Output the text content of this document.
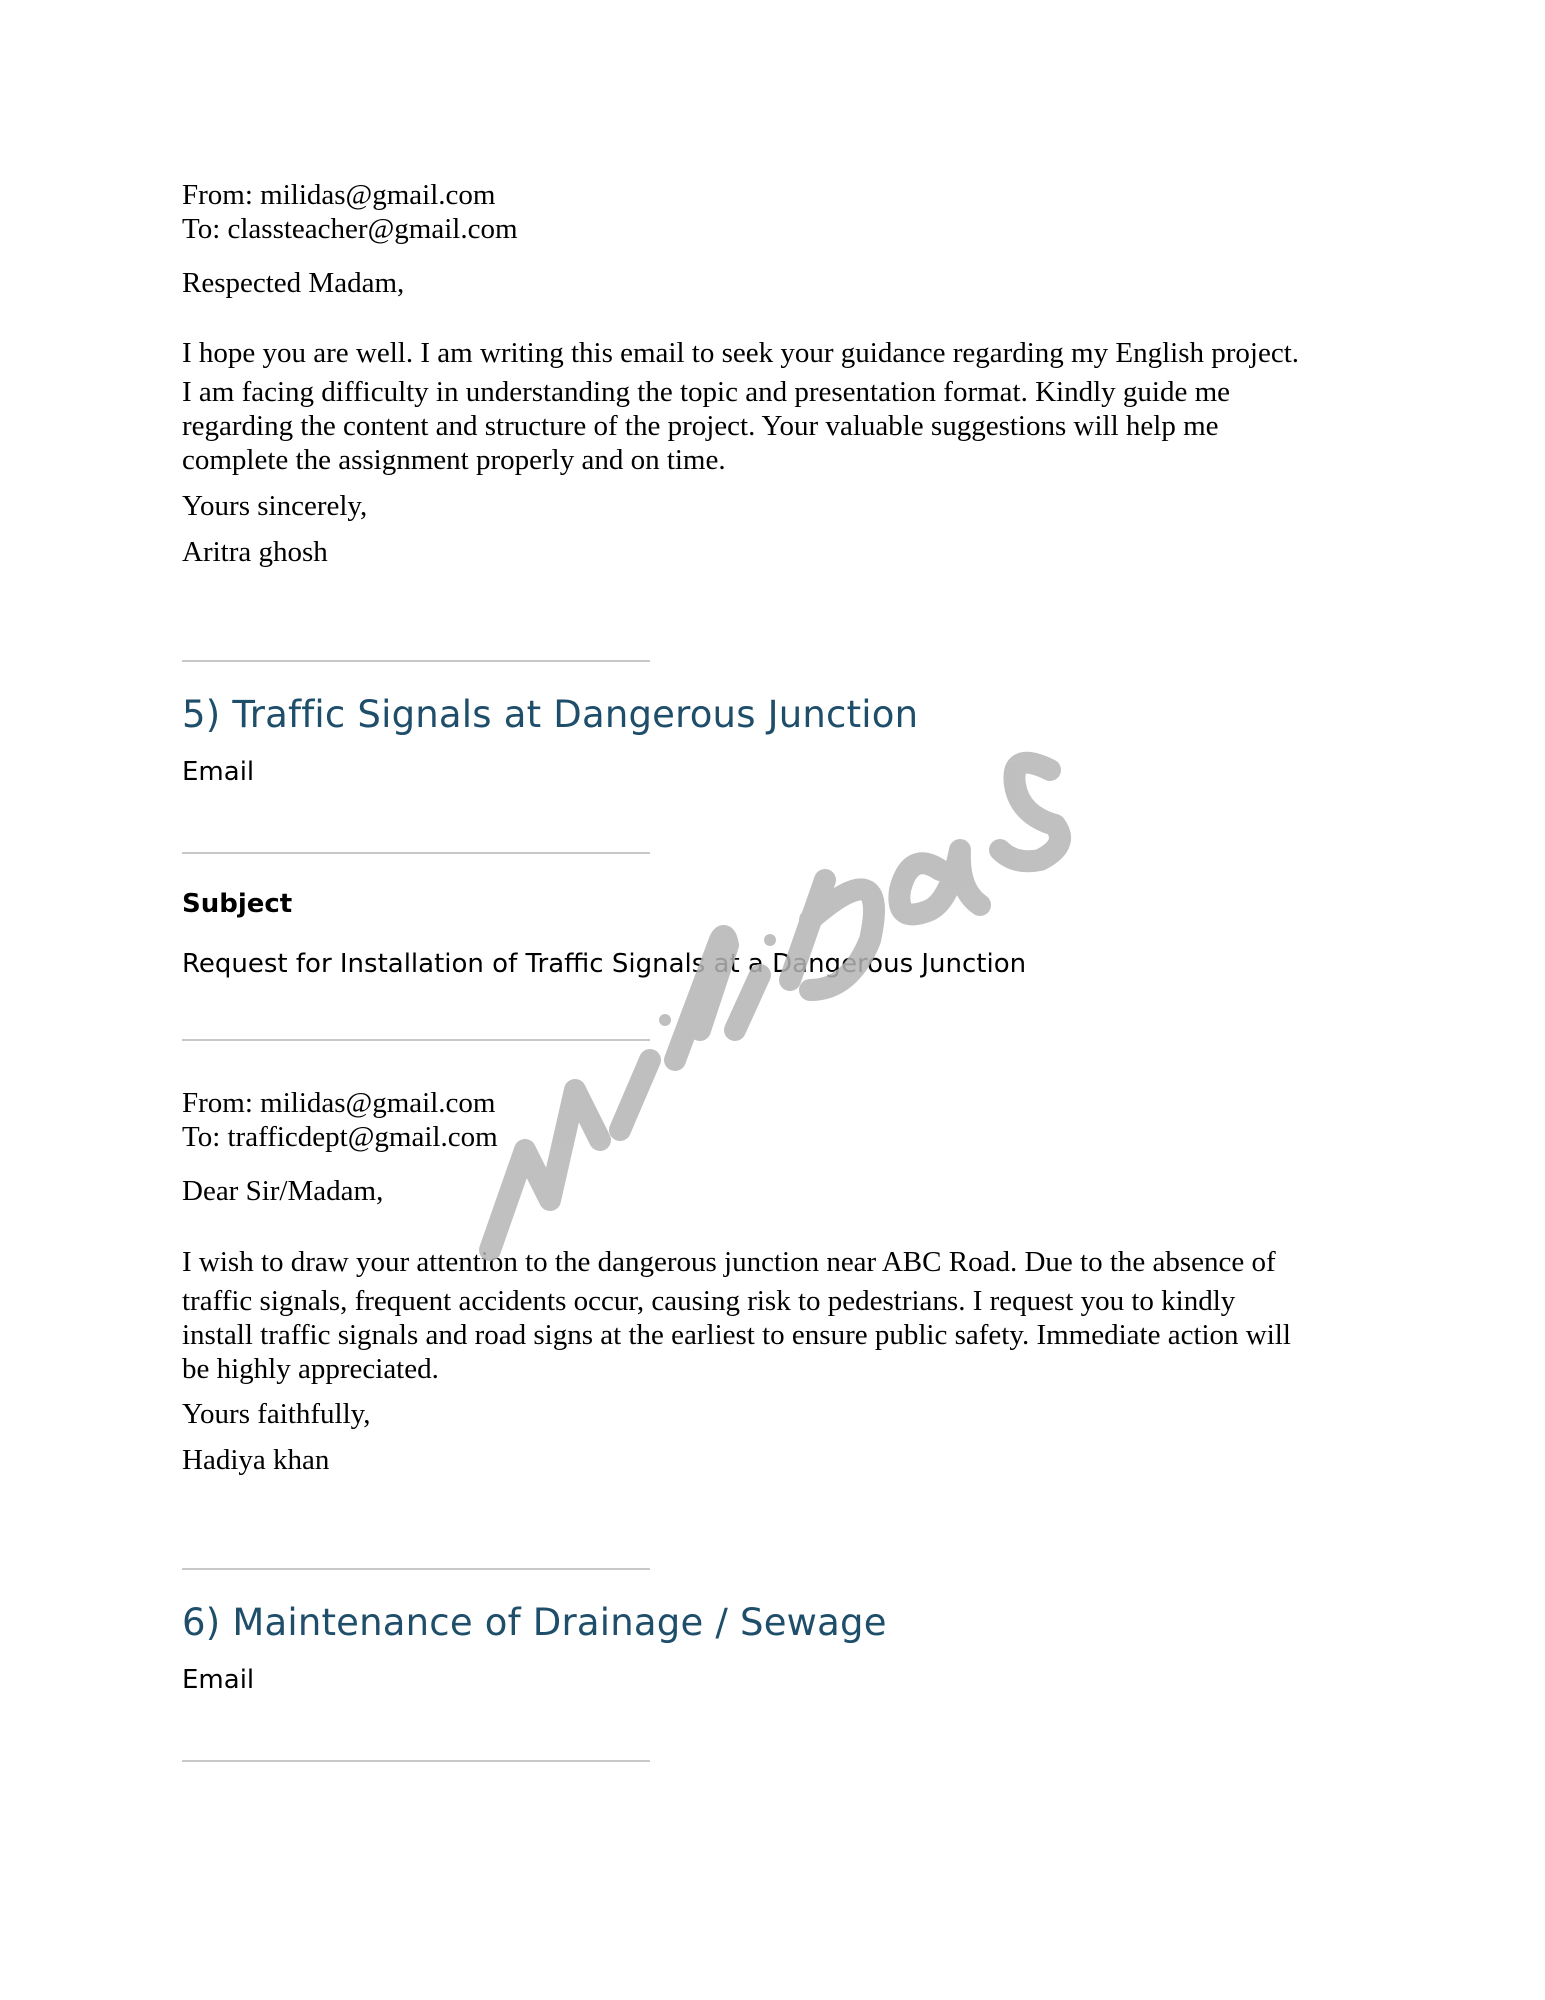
From: milidas@gmail.com

To: classteacher@gmail.com

Respected Madam,

I hope you are well. I am writing this email to seek your guidance regarding my English project.

I am facing difficulty in understanding the topic and presentation format. Kindly guide me

regarding the content and structure of the project. Your valuable suggestions will help me

complete the assignment properly and on time.

Yours sincerely,

Aritra ghosh

5) Traffic Signals at Dangerous Junction

Email

Subject

Request for Installation of Traffic Signals at a Dangerous Junction

From: milidas@gmail.com

To: trafficdept@gmail.com

Dear Sir/Madam,

I wish to draw your attention to the dangerous junction near ABC Road. Due to the absence of

traffic signals, frequent accidents occur, causing risk to pedestrians. I request you to kindly

install traffic signals and road signs at the earliest to ensure public safety. Immediate action will

be highly appreciated.

Yours faithfully,

Hadiya khan

6) Maintenance of Drainage / Sewage

Email
